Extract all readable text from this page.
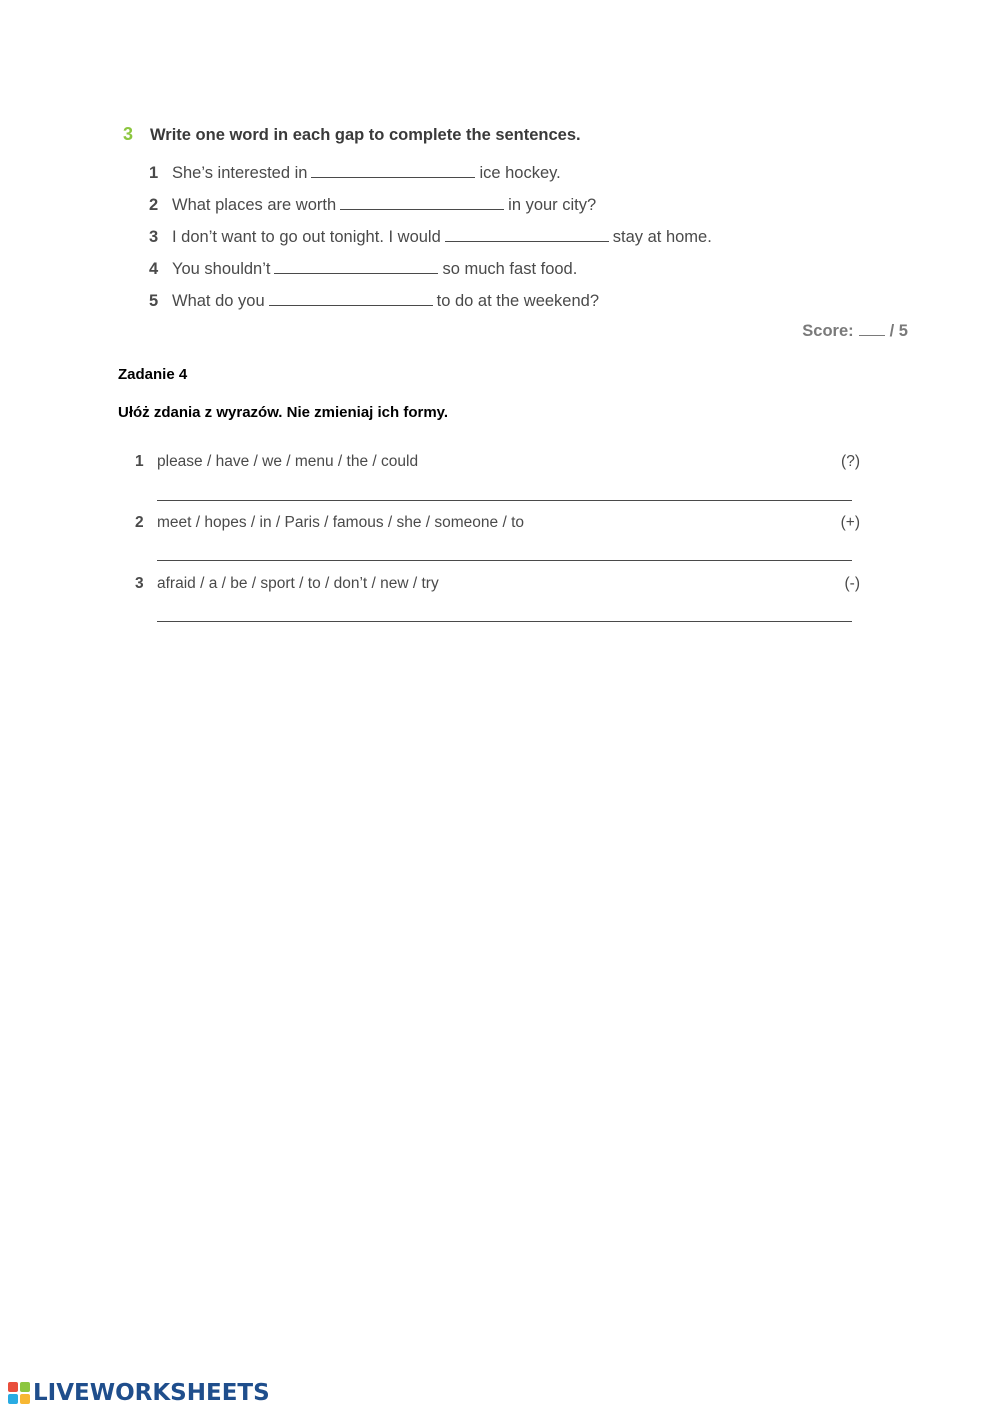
3 Write one word in each gap to complete the sentences.
1 She’s interested in	ice hockey.
2 What places are worth	in your city?
3 I don’t want to go out tonight. I would	stay at home.
4 You shouldn’t	so much fast food.
5 What do you	to do at the weekend?
Score: / 5
Zadanie 4
Ułóż zdania z wyrazów. Nie zmieniaj ich formy.
1 please / have / we / menu / the / could	(?)
2 meet / hopes / in / Paris / famous / she / someone / to	(+)
3 afraid / a / be / sport / to / don’t / new / try	(-)
LIVEWORKSHEETS
